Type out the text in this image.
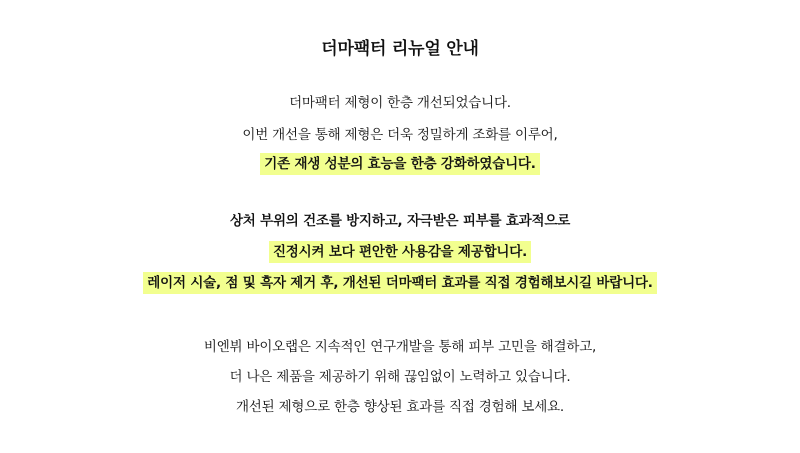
더마팩터 리뉴얼 안내
더마팩터 제형이 한층 개선되었습니다.
이번 개선을 통해 제형은 더욱 정밀하게 조화를 이루어,
기존 재생 성분의 효능을 한층 강화하였습니다.
상처 부위의 건조를 방지하고, 자극받은 피부를 효과적으로
진정시켜 보다 편안한 사용감을 제공합니다.
레이저 시술, 점 및 흑자 제거 후, 개선된 더마팩터 효과를 직접 경험해보시길 바랍니다.
비엔뷔 바이오랩은 지속적인 연구개발을 통해 피부 고민을 해결하고,
더 나은 제품을 제공하기 위해 끊임없이 노력하고 있습니다.
개선된 제형으로 한층 향상된 효과를 직접 경험해 보세요.
